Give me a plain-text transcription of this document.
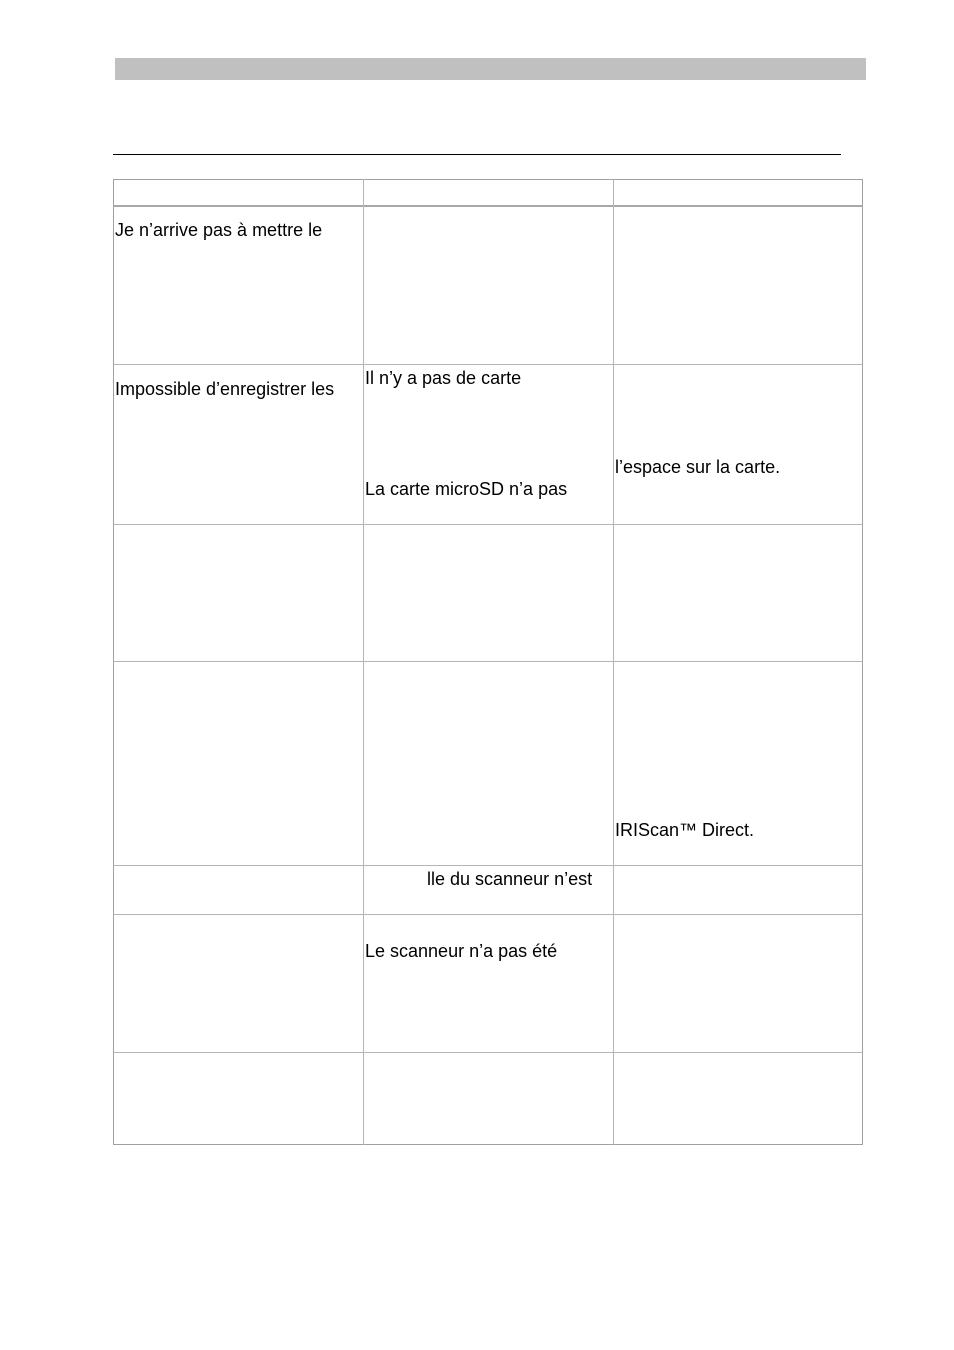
Je n’arrive pas à mettre le
Impossible d’enregistrer les
Il n’y a pas de carte
La carte microSD n’a pas
l’espace sur la carte.
IRIScan™ Direct.
lle du scanneur n’est
Le scanneur n’a pas été
